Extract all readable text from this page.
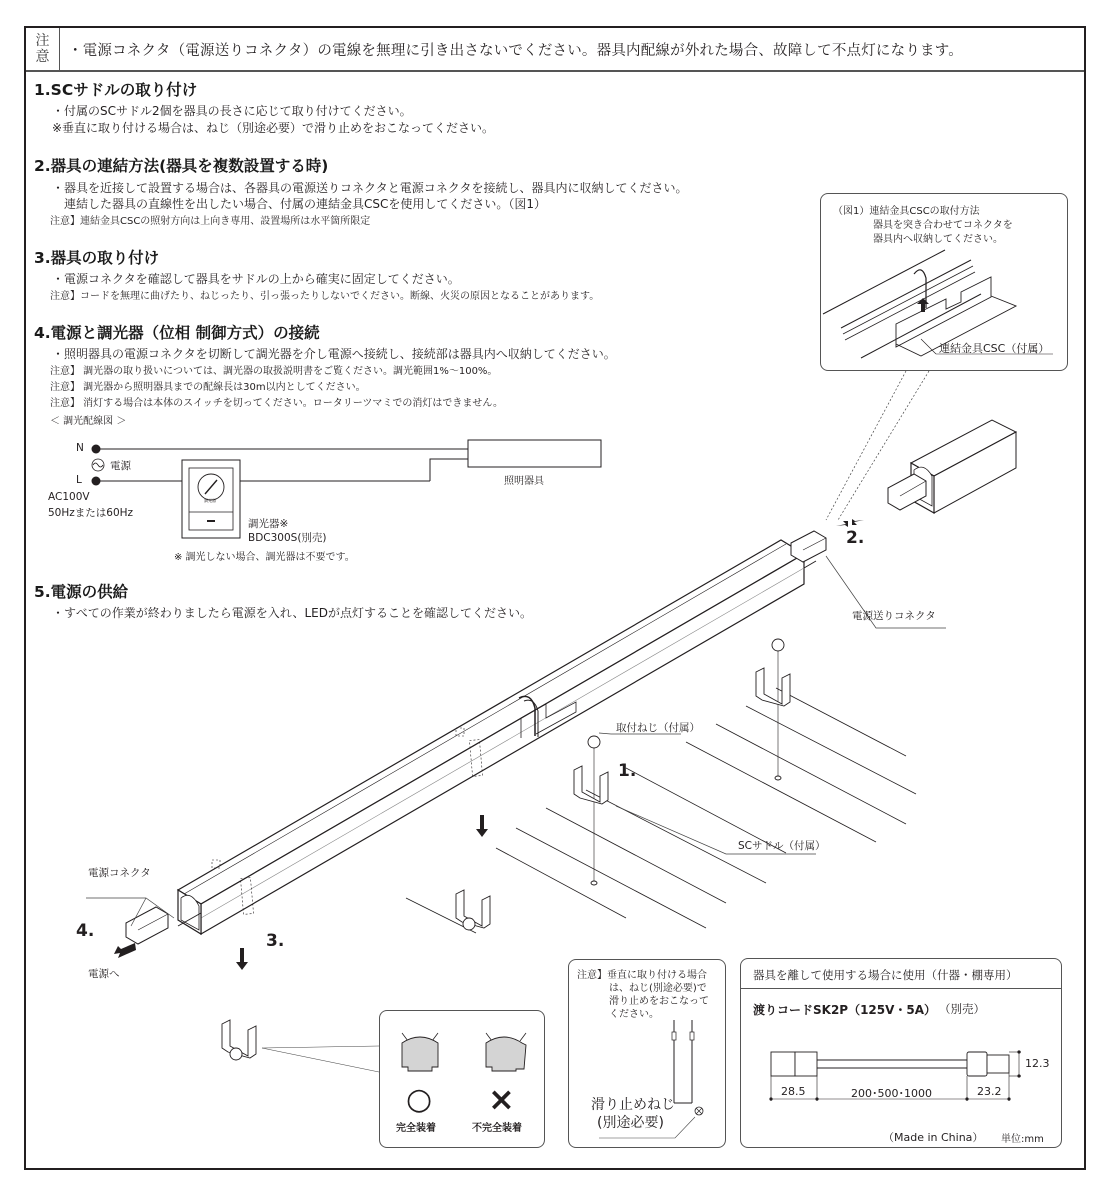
注
意	・電源コネクタ（電源送りコネクタ）の電線を無理に引き出さないでください。器具内配線が外れた場合、故障して不点灯になります。
1.SCサドルの取り付け
・付属のSCサドル2個を器具の長さに応じて取り付けてください。
※垂直に取り付ける場合は、ねじ（別途必要）で滑り止めをおこなってください。
2.器具の連結方法(器具を複数設置する時)
・器具を近接して設置する場合は、各器具の電源送りコネクタと電源コネクタを接続し、器具内に収納してください。
連結した器具の直線性を出したい場合、付属の連結金具CSCを使用してください。（図1）
注意】連結金具CSCの照射方向は上向き専用、設置場所は水平箇所限定
3.器具の取り付け
・電源コネクタを確認して器具をサドルの上から確実に固定してください。
注意】コードを無理に曲げたり、ねじったり、引っ張ったりしないでください。断線、火災の原因となることがあります。
4.電源と調光器（位相 制御方式）の接続
・照明器具の電源コネクタを切断して調光器を介し電源へ接続し、接続部は器具内へ収納してください。
注意】 調光器の取り扱いについては、調光器の取扱説明書をご覧ください。調光範囲1%～100%。
注意】 調光器から照明器具までの配線長は30m以内としてください。
注意】 消灯する場合は本体のスイッチを切ってください。ロータリーツマミでの消灯はできません。
＜ 調光配線図 ＞
N
電源
L
AC100V
50Hzまたは60Hz
調光器
調光器※
BDC300S(別売)
※ 調光しない場合、調光器は不要です。
照明器具
5.電源の供給
・すべての作業が終わりましたら電源を入れ、LEDが点灯することを確認してください。
（図1）連結金具CSCの取付方法
器具を突き合わせてコネクタを
器具内へ収納してください。
連結金具CSC（付属）
2.
電源送りコネクタ
取付ねじ（付属）
1.
SCサドル（付属）
電源コネクタ
4.	3.
電源へ
○
完全装着
×
不完全装着
注意】垂直に取り付ける場合
は、ねじ(別途必要)で
滑り止めをおこなって
ください。
滑り止めねじ
(別途必要)
器具を離して使用する場合に使用（什器・棚専用）
渡りコードSK2P（125V・5A） （別売）
28.5	200･500･1000	23.2
12.3
（Made in China） 単位:mm
